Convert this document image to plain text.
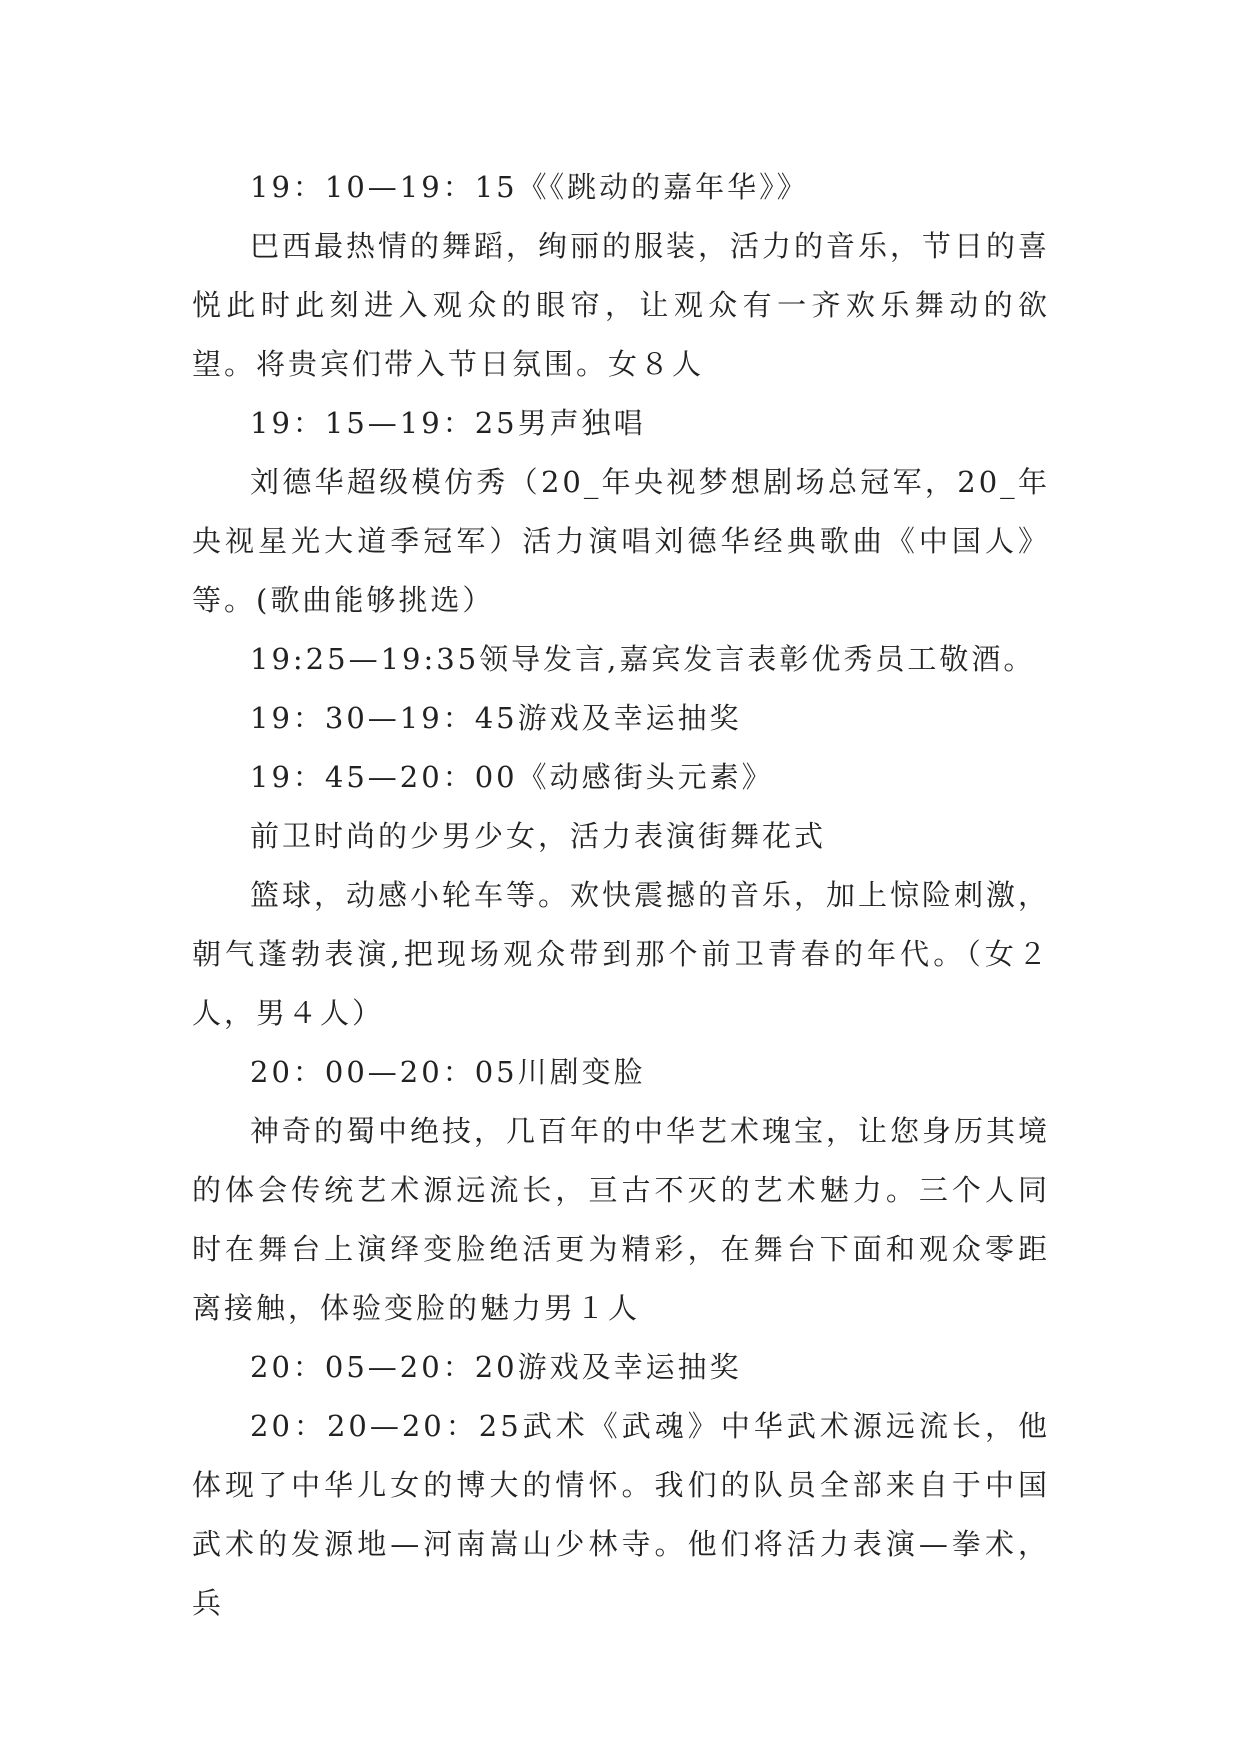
19：10—19：15《《跳动的嘉年华》》

巴西最热情的舞蹈，绚丽的服装，活力的音乐，节日的喜悦此时此刻进入观众的眼帘，让观众有一齐欢乐舞动的欲望。将贵宾们带入节日氛围。女８人

19：15—19：25男声独唱

刘德华超级模仿秀（20_年央视梦想剧场总冠军，20_年央视星光大道季冠军）活力演唱刘德华经典歌曲《中国人》等。(歌曲能够挑选）

19:25—19:35领导发言,嘉宾发言表彰优秀员工敬酒。

19：30—19：45游戏及幸运抽奖

19：45—20：00《动感街头元素》

前卫时尚的少男少女，活力表演街舞花式

篮球，动感小轮车等。欢快震撼的音乐，加上惊险刺激，朝气蓬勃表演,把现场观众带到那个前卫青春的年代。（女２人，男４人）

20：00—20：05川剧变脸

神奇的蜀中绝技，几百年的中华艺术瑰宝，让您身历其境的体会传统艺术源远流长，亘古不灭的艺术魅力。三个人同时在舞台上演绎变脸绝活更为精彩，在舞台下面和观众零距离接触，体验变脸的魅力男１人

20：05—20：20游戏及幸运抽奖

20：20—20：25武术《武魂》中华武术源远流长，他体现了中华儿女的博大的情怀。我们的队员全部来自于中国武术的发源地—河南嵩山少林寺。他们将活力表演—拳术，兵
